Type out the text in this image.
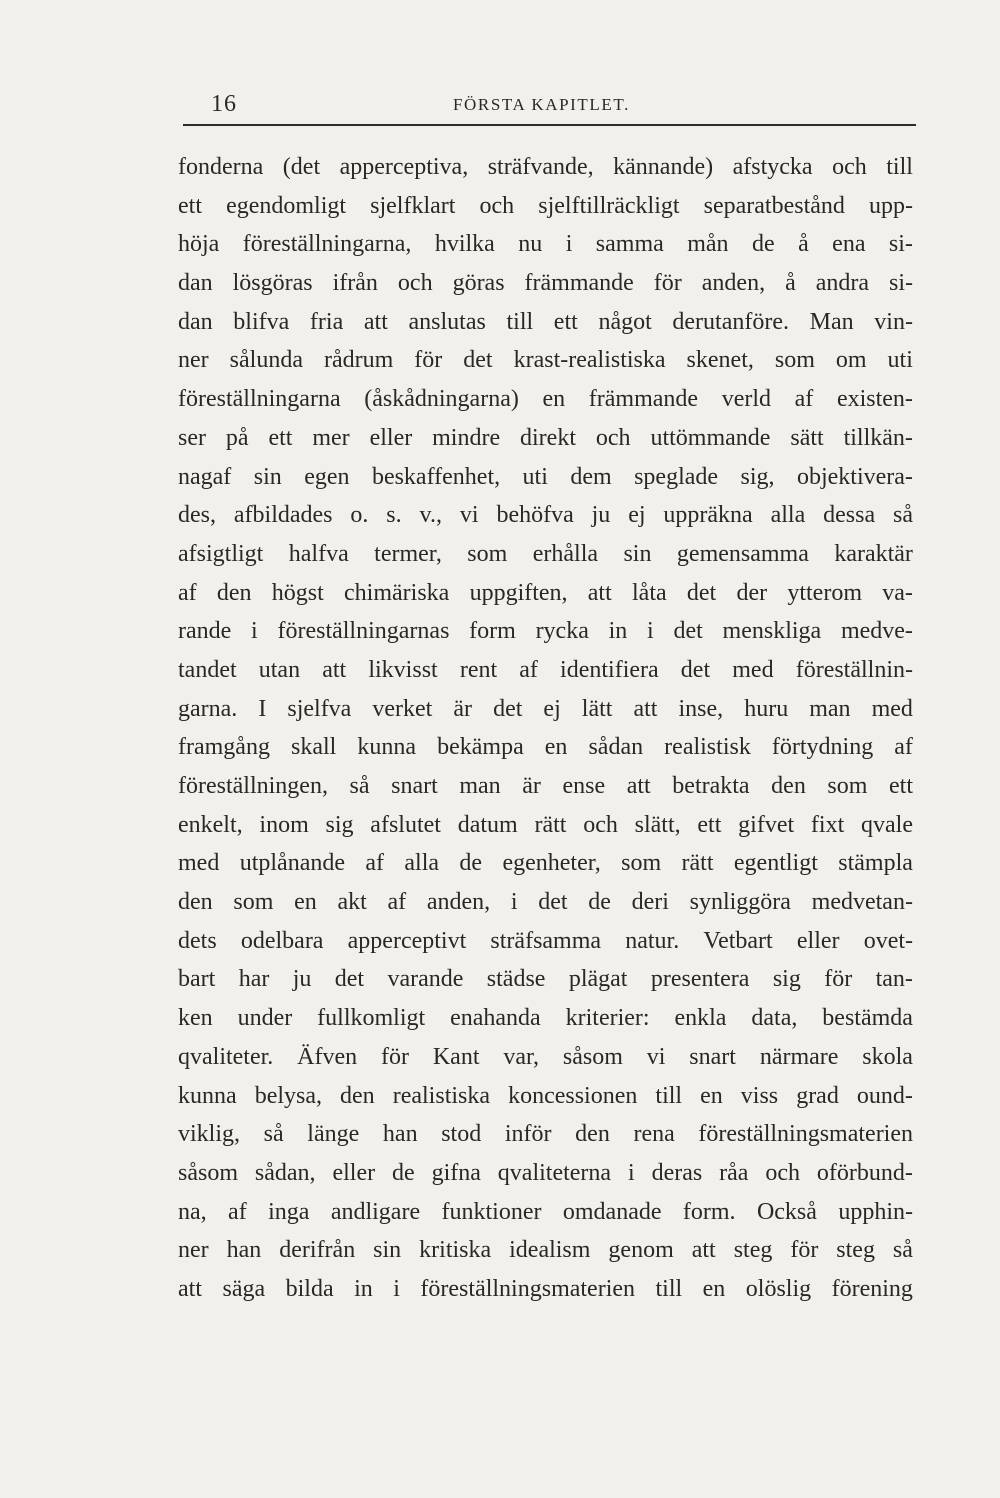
16	FÖRSTA KAPITLET.
fonderna (det apperceptiva, sträfvande, kännande) afstycka och till
ett egendomligt sjelfklart och sjelftillräckligt separatbestånd upp-
höja föreställningarna, hvilka nu i samma mån de å ena si-
dan lösgöras ifrån och göras främmande för anden, å andra si-
dan blifva fria att anslutas till ett något derutanföre. Man vin-
ner sålunda rådrum för det krast-realistiska skenet, som om uti
föreställningarna (åskådningarna) en främmande verld af existen-
ser på ett mer eller mindre direkt och uttömmande sätt tillkän-
nagaf sin egen beskaffenhet, uti dem speglade sig, objektivera-
des, afbildades o. s. v., vi behöfva ju ej uppräkna alla dessa så
afsigtligt halfva termer, som erhålla sin gemensamma karaktär
af den högst chimäriska uppgiften, att låta det der ytterom va-
rande i föreställningarnas form rycka in i det menskliga medve-
tandet utan att likvisst rent af identifiera det med föreställnin-
garna. I sjelfva verket är det ej lätt att inse, huru man med
framgång skall kunna bekämpa en sådan realistisk förtydning af
föreställningen, så snart man är ense att betrakta den som ett
enkelt, inom sig afslutet datum rätt och slätt, ett gifvet fixt qvale
med utplånande af alla de egenheter, som rätt egentligt stämpla
den som en akt af anden, i det de deri synliggöra medvetan-
dets odelbara apperceptivt sträfsamma natur. Vetbart eller ovet-
bart har ju det varande städse plägat presentera sig för tan-
ken under fullkomligt enahanda kriterier: enkla data, bestämda
qvaliteter. Äfven för Kant var, såsom vi snart närmare skola
kunna belysa, den realistiska koncessionen till en viss grad ound-
viklig, så länge han stod inför den rena föreställningsmaterien
såsom sådan, eller de gifna qvaliteterna i deras råa och oförbund-
na, af inga andligare funktioner omdanade form. Också upphin-
ner han derifrån sin kritiska idealism genom att steg för steg så
att säga bilda in i föreställningsmaterien till en olöslig förening
